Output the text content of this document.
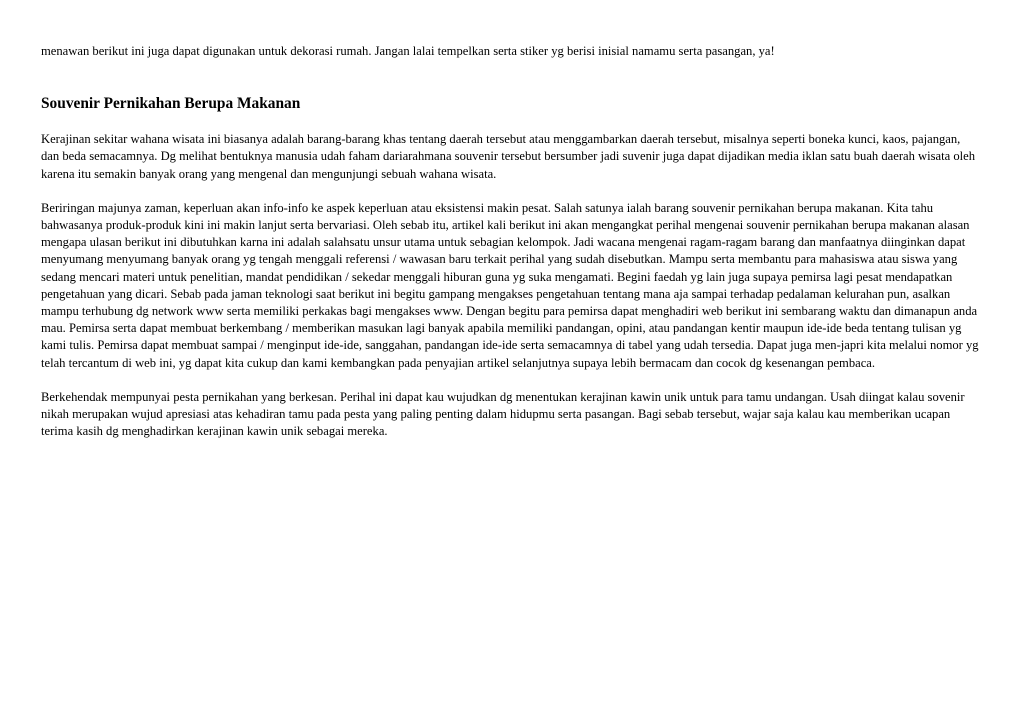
menawan berikut ini juga dapat digunakan untuk dekorasi rumah. Jangan lalai tempelkan serta stiker yg berisi inisial namamu serta pasangan, ya!

Souvenir Pernikahan Berupa Makanan

Kerajinan sekitar wahana wisata ini biasanya adalah barang-barang khas tentang daerah tersebut atau menggambarkan daerah tersebut, misalnya seperti boneka kunci, kaos, pajangan, dan beda semacamnya. Dg melihat bentuknya manusia udah faham dariarahmana souvenir tersebut bersumber jadi suvenir juga dapat dijadikan media iklan satu buah daerah wisata oleh karena itu semakin banyak orang yang mengenal dan mengunjungi sebuah wahana wisata.

Beriringan majunya zaman, keperluan akan info-info ke aspek keperluan atau eksistensi makin pesat. Salah satunya ialah barang souvenir pernikahan berupa makanan. Kita tahu bahwasanya produk-produk kini ini makin lanjut serta bervariasi. Oleh sebab itu, artikel kali berikut ini akan mengangkat perihal mengenai souvenir pernikahan berupa makanan alasan mengapa ulasan berikut ini dibutuhkan karna ini adalah salahsatu unsur utama untuk sebagian kelompok. Jadi wacana mengenai ragam-ragam barang dan manfaatnya diinginkan dapat menyumang menyumang banyak orang yg tengah menggali referensi / wawasan baru terkait perihal yang sudah disebutkan. Mampu serta membantu para mahasiswa atau siswa yang sedang mencari materi untuk penelitian, mandat pendidikan / sekedar menggali hiburan guna yg suka mengamati. Begini faedah yg lain juga supaya pemirsa lagi pesat mendapatkan pengetahuan yang dicari. Sebab pada jaman teknologi saat berikut ini begitu gampang mengakses pengetahuan tentang mana aja sampai terhadap pedalaman kelurahan pun, asalkan mampu terhubung dg network www serta memiliki perkakas bagi mengakses www. Dengan begitu para pemirsa dapat menghadiri web berikut ini sembarang waktu dan dimanapun anda mau. Pemirsa serta dapat membuat berkembang / memberikan masukan lagi banyak apabila memiliki pandangan, opini, atau pandangan kentir maupun ide-ide beda tentang tulisan yg kami tulis. Pemirsa dapat membuat sampai / menginput ide-ide, sanggahan, pandangan ide-ide serta semacamnya di tabel yang udah tersedia. Dapat juga men-japri kita melalui nomor yg telah tercantum di web ini, yg dapat kita cukup dan kami kembangkan pada penyajian artikel selanjutnya supaya lebih bermacam dan cocok dg kesenangan pembaca.

Berkehendak mempunyai pesta pernikahan yang berkesan. Perihal ini dapat kau wujudkan dg menentukan kerajinan kawin unik untuk para tamu undangan. Usah diingat kalau sovenir nikah merupakan wujud apresiasi atas kehadiran tamu pada pesta yang paling penting dalam hidupmu serta pasangan. Bagi sebab tersebut, wajar saja kalau kau memberikan ucapan terima kasih dg menghadirkan kerajinan kawin unik sebagai mereka.
